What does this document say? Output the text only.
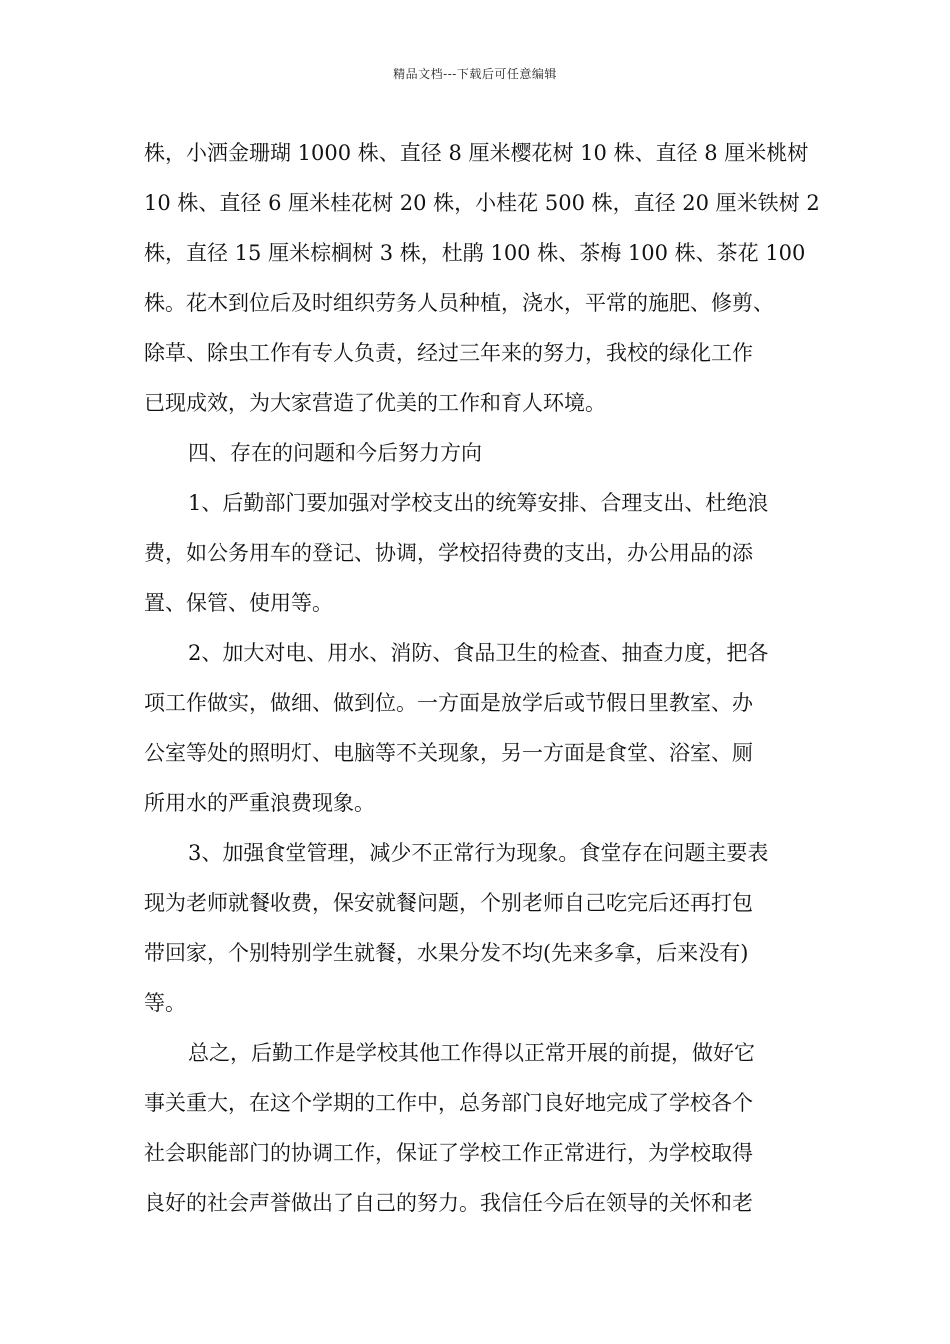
精品文档---下载后可任意编辑
株，小洒金珊瑚 1000 株、直径 8 厘米樱花树 10 株、直径 8 厘米桃树
10 株、直径 6 厘米桂花树 20 株，小桂花 500 株，直径 20 厘米铁树 2
株，直径 15 厘米棕榈树 3 株，杜鹃 100 株、茶梅 100 株、茶花 100
株。花木到位后及时组织劳务人员种植，浇水，平常的施肥、修剪、
除草、除虫工作有专人负责，经过三年来的努力，我校的绿化工作
已现成效，为大家营造了优美的工作和育人环境。
四、存在的问题和今后努力方向
1、后勤部门要加强对学校支出的统筹安排、合理支出、杜绝浪
费，如公务用车的登记、协调，学校招待费的支出，办公用品的添
置、保管、使用等。
2、加大对电、用水、消防、食品卫生的检查、抽查力度，把各
项工作做实，做细、做到位。一方面是放学后或节假日里教室、办
公室等处的照明灯、电脑等不关现象，另一方面是食堂、浴室、厕
所用水的严重浪费现象。
3、加强食堂管理，减少不正常行为现象。食堂存在问题主要表
现为老师就餐收费，保安就餐问题，个别老师自己吃完后还再打包
带回家，个别特别学生就餐，水果分发不均(先来多拿，后来没有)
等。
总之，后勤工作是学校其他工作得以正常开展的前提，做好它
事关重大，在这个学期的工作中，总务部门良好地完成了学校各个
社会职能部门的协调工作，保证了学校工作正常进行，为学校取得
良好的社会声誉做出了自己的努力。我信任今后在领导的关怀和老
